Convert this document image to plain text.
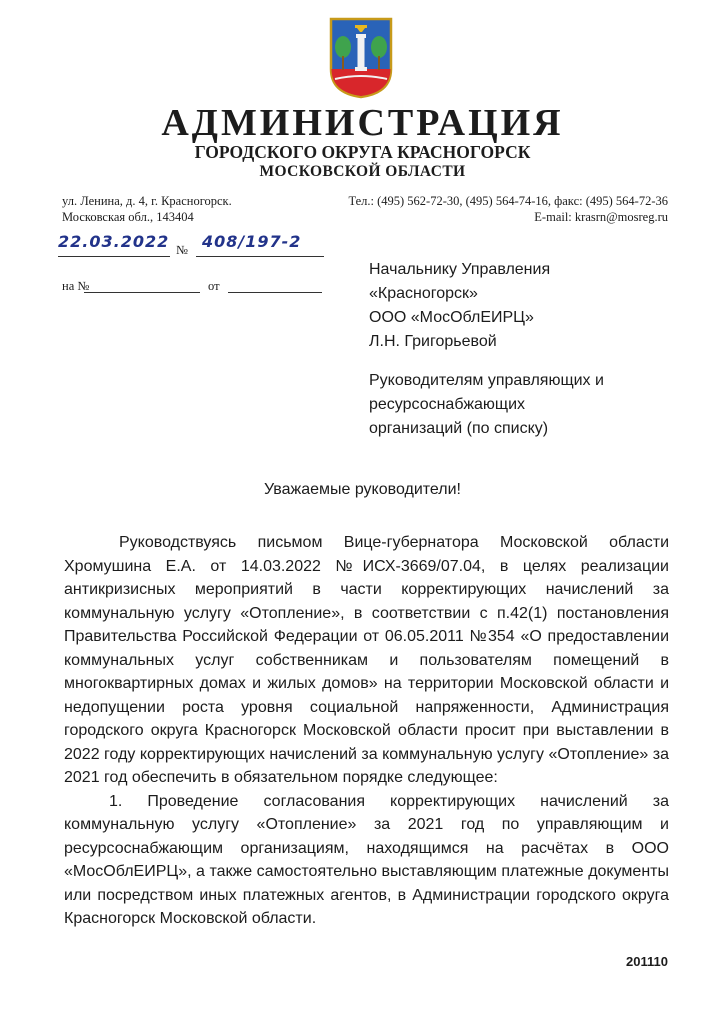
АДМИНИСТРАЦИЯ
ГОРОДСКОГО ОКРУГА КРАСНОГОРСК
МОСКОВСКОЙ ОБЛАСТИ
ул. Ленина, д. 4, г. Красногорск.
Московская обл., 143404
Тел.: (495) 562-72-30, (495) 564-74-16, факс: (495) 564-72-36
E-mail: krasrn@mosreg.ru
22.03.2022 № 408/197-2
на №	от
Начальнику Управления
«Красногорск»
ООО «МосОблЕИРЦ»
Л.Н. Григорьевой
Руководителям управляющих и
ресурсоснабжающих
организаций (по списку)
Уважаемые руководители!

Руководствуясь письмом Вице-губернатора Московской области Хромушина Е.А. от 14.03.2022 №ИСХ-3669/07.04, в целях реализации антикризисных мероприятий в части корректирующих начислений за коммунальную услугу «Отопление», в соответствии с п.42(1) постановления Правительства Российской Федерации от 06.05.2011 №354 «О предоставлении коммунальных услуг собственникам и пользователям помещений в многоквартирных домах и жилых домов» на территории Московской области и недопущении роста уровня социальной напряженности, Администрация городского округа Красногорск Московской области просит при выставлении в 2022 году корректирующих начислений за коммунальную услугу «Отопление» за 2021 год обеспечить в обязательном порядке следующее:

1. Проведение согласования корректирующих начислений за коммунальную услугу «Отопление» за 2021 год по управляющим и ресурсоснабжающим организациям, находящимся на расчётах в ООО «МосОблЕИРЦ», а также самостоятельно выставляющим платежные документы или посредством иных платежных агентов, в Администрации городского округа Красногорск Московской области.

201110
